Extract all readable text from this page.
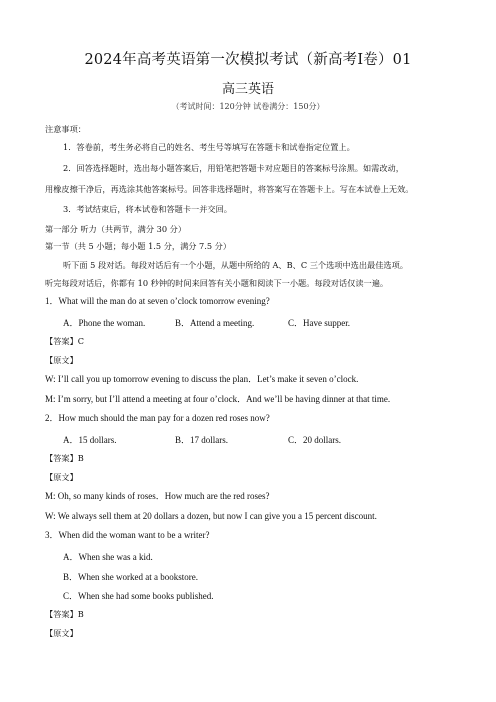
2024年高考英语第一次模拟考试（新高考Ⅰ卷）01
高三英语
（考试时间：120分钟 试卷满分：150分）
注意事项：
1．答卷前，考生务必将自己的姓名、考生号等填写在答题卡和试卷指定位置上。
2．回答选择题时，选出每小题答案后，用铅笔把答题卡对应题目的答案标号涂黑。如需改动，
用橡皮擦干净后，再选涂其他答案标号。回答非选择题时，将答案写在答题卡上。写在本试卷上无效。
3．考试结束后，将本试卷和答题卡一并交回。
第一部分 听力（共两节，满分 30 分）
第一节（共 5 小题；每小题 1.5 分，满分 7.5 分）
听下面 5 段对话。每段对话后有一个小题，从题中所给的 A、B、C 三个选项中选出最佳选项。
听完每段对话后，你都有 10 秒钟的时间来回答有关小题和阅读下一小题。每段对话仅读一遍。
1．What will the man do at seven o’clock tomorrow evening?
A．Phone the woman.	B．Attend a meeting.	C．Have supper.
【答案】C
【原文】
W: I’ll call you up tomorrow evening to discuss the plan．Let’s make it seven o’clock.
M: I’m sorry, but I’ll attend a meeting at four o’clock．And we’ll be having dinner at that time.
2．How much should the man pay for a dozen red roses now?
A．15 dollars.	B．17 dollars.	C．20 dollars.
【答案】B
【原文】
M: Oh, so many kinds of roses．How much are the red roses?
W: We always sell them at 20 dollars a dozen, but now I can give you a 15 percent discount.
3．When did the woman want to be a writer?
A．When she was a kid.
B．When she worked at a bookstore.
C．When she had some books published.
【答案】B
【原文】
